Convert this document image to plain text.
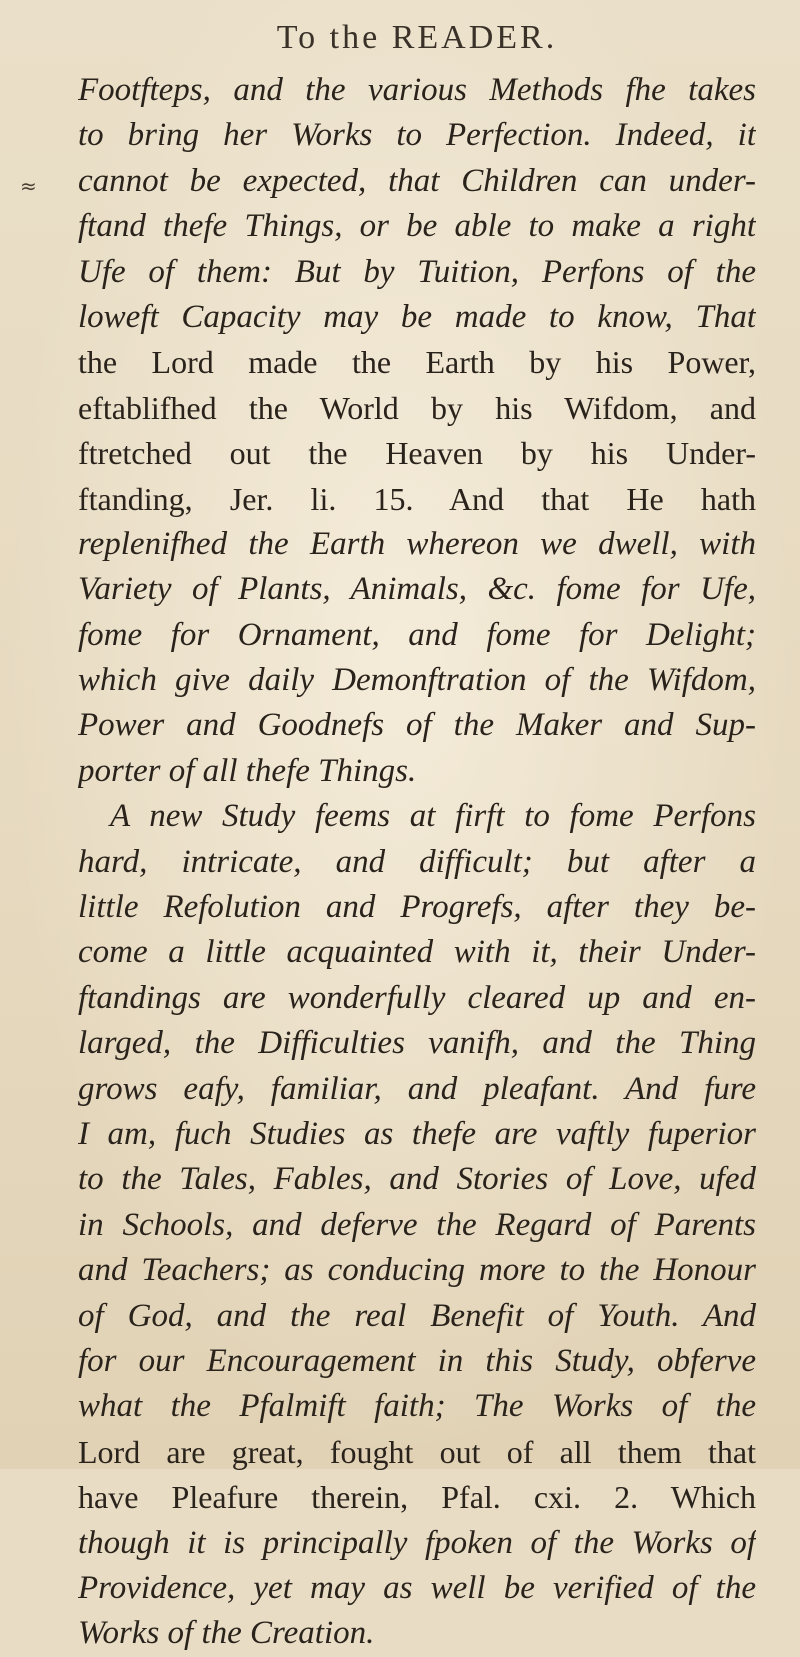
To the READER.
≈
Footfteps, and the various Methods fhe takes
to bring her Works to Perfection. Indeed, it
cannot be expected, that Children can under-
ftand thefe Things, or be able to make a right
Ufe of them: But by Tuition, Perfons of the
loweft Capacity may be made to know, That
the Lord made the Earth by his Power,
eftablifhed the World by his Wifdom, and
ftretched out the Heaven by his Under-
ftanding, Jer. li. 15. And that He hath
replenifhed the Earth whereon we dwell, with
Variety of Plants, Animals, &c. fome for Ufe,
fome for Ornament, and fome for Delight;
which give daily Demonftration of the Wifdom,
Power and Goodnefs of the Maker and Sup-
porter of all thefe Things.
A new Study feems at firft to fome Perfons
hard, intricate, and difficult; but after a
little Refolution and Progrefs, after they be-
come a little acquainted with it, their Under-
ftandings are wonderfully cleared up and en-
larged, the Difficulties vanifh, and the Thing
grows eafy, familiar, and pleafant. And fure
I am, fuch Studies as thefe are vaftly fuperior
to the Tales, Fables, and Stories of Love, ufed
in Schools, and deferve the Regard of Parents
and Teachers; as conducing more to the Honour
of God, and the real Benefit of Youth. And
for our Encouragement in this Study, obferve
what the Pfalmift faith; The Works of the
Lord are great, fought out of all them that
have Pleafure therein, Pfal. cxi. 2. Which
though it is principally fpoken of the Works of
Providence, yet may as well be verified of the
Works of the Creation.
